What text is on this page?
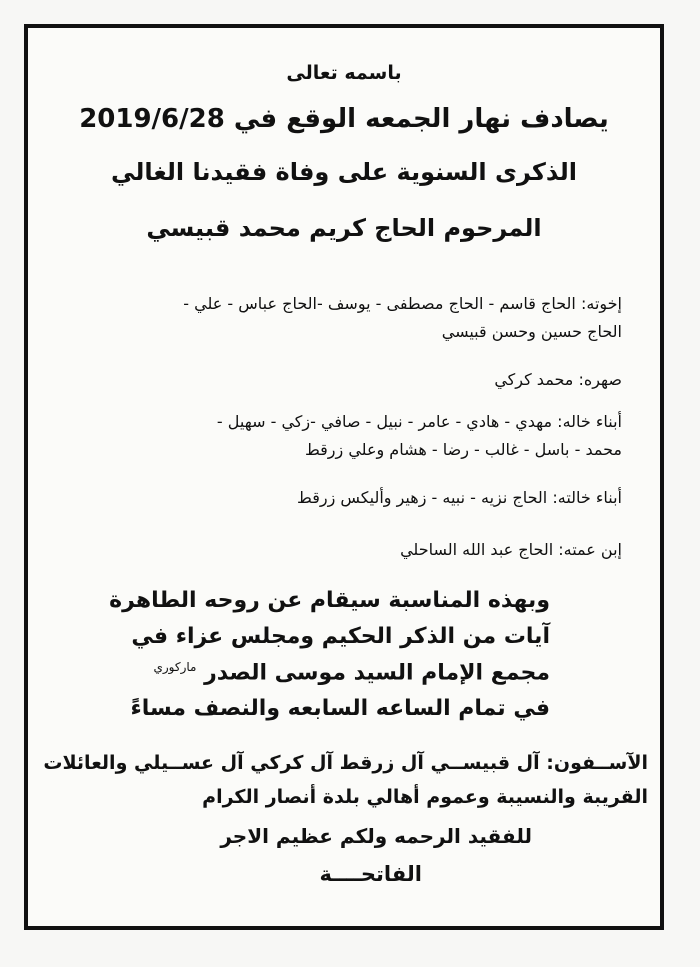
باسمه تعالى
يصادف نهار الجمعه الوقع في 2019/6/28
الذكرى السنوية على وفاة فقيدنا الغالي
المرحوم الحاج كريم محمد قبيسي
إخوته: الحاج قاسم - الحاج مصطفى - يوسف -الحاج عباس - علي -
الحاج حسين وحسن قبيسي
صهره: محمد كركي
أبناء خاله: مهدي - هادي - عامر - نبيل - صافي -زكي - سهيل -
محمد - باسل - غالب - رضا - هشام وعلي زرقط
أبناء خالته: الحاج نزيه - نبيه - زهير وأليكس زرقط
إبن عمته: الحاج عبد الله الساحلي
وبهذه المناسبة سيقام عن روحه الطاهرة
آيات من الذكر الحكيم ومجلس عزاء في
مجمع الإمام السيد موسى الصدر $^{ماركوري}$
في تمام الساعه السابعه والنصف مساءً
الآســفون: آل قبيســي آل زرقط آل كركي آل عســيلي والعائلات
القريبة والنسيبة وعموم أهالي بلدة أنصار الكرام
للفقيد الرحمه ولكم عظيم الاجر
الفاتحــــة
